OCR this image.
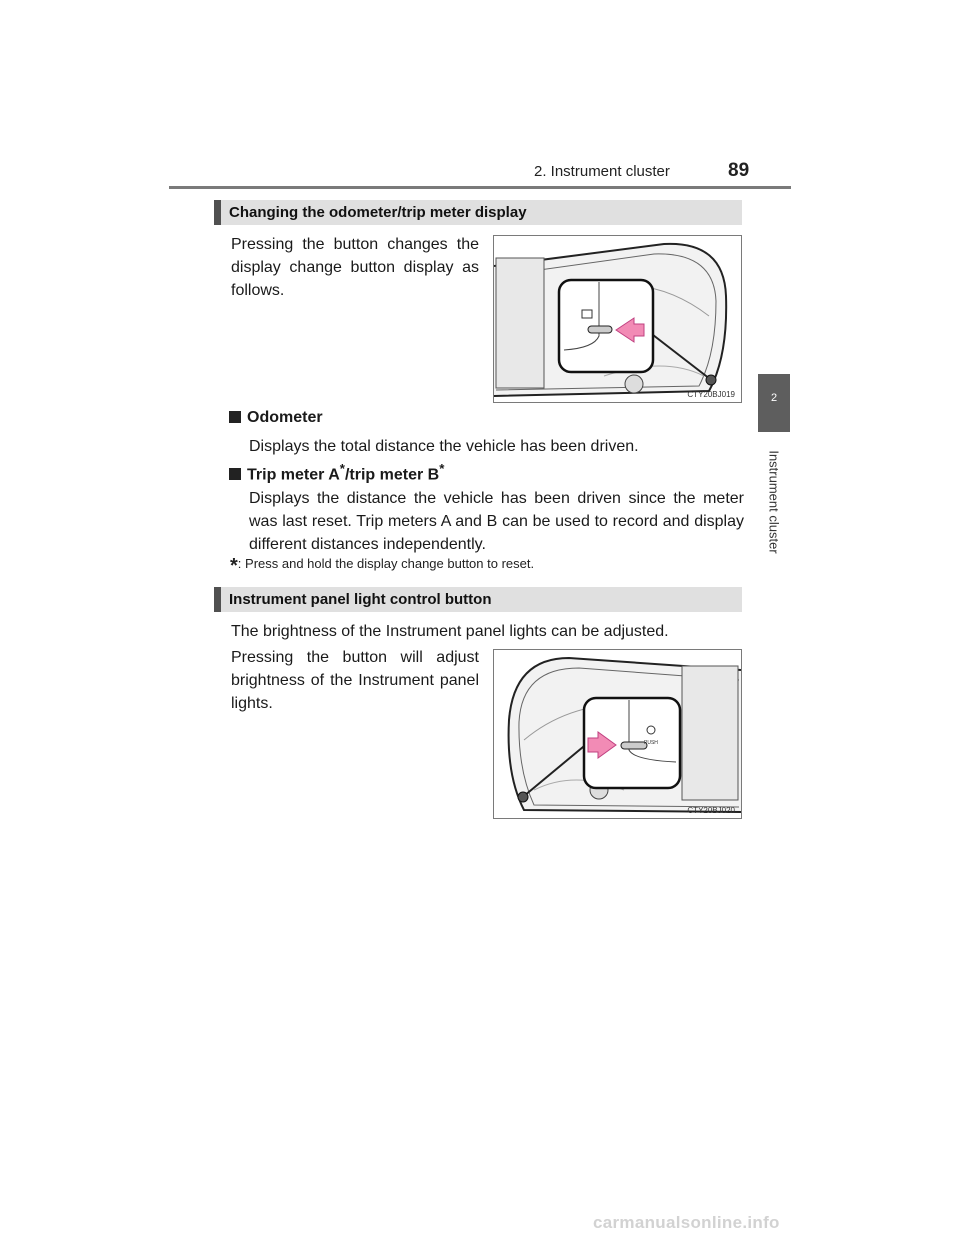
2. Instrument cluster	89
2
Instrument cluster
Changing the odometer/trip meter display
Pressing the button changes the display change button display as follows.
CTY20BJ019
Odometer
Displays the total distance the vehicle has been driven.
Trip meter A*/trip meter B*
Displays the distance the vehicle has been driven since the meter was last reset. Trip meters A and B can be used to record and display different distances independently.
*: Press and hold the display change button to reset.
Instrument panel light control button
The brightness of the Instrument panel lights can be adjusted.
Pressing the button will adjust brightness of the Instrument panel lights.
PUSH
CTY20BJ020
carmanualsonline.info
